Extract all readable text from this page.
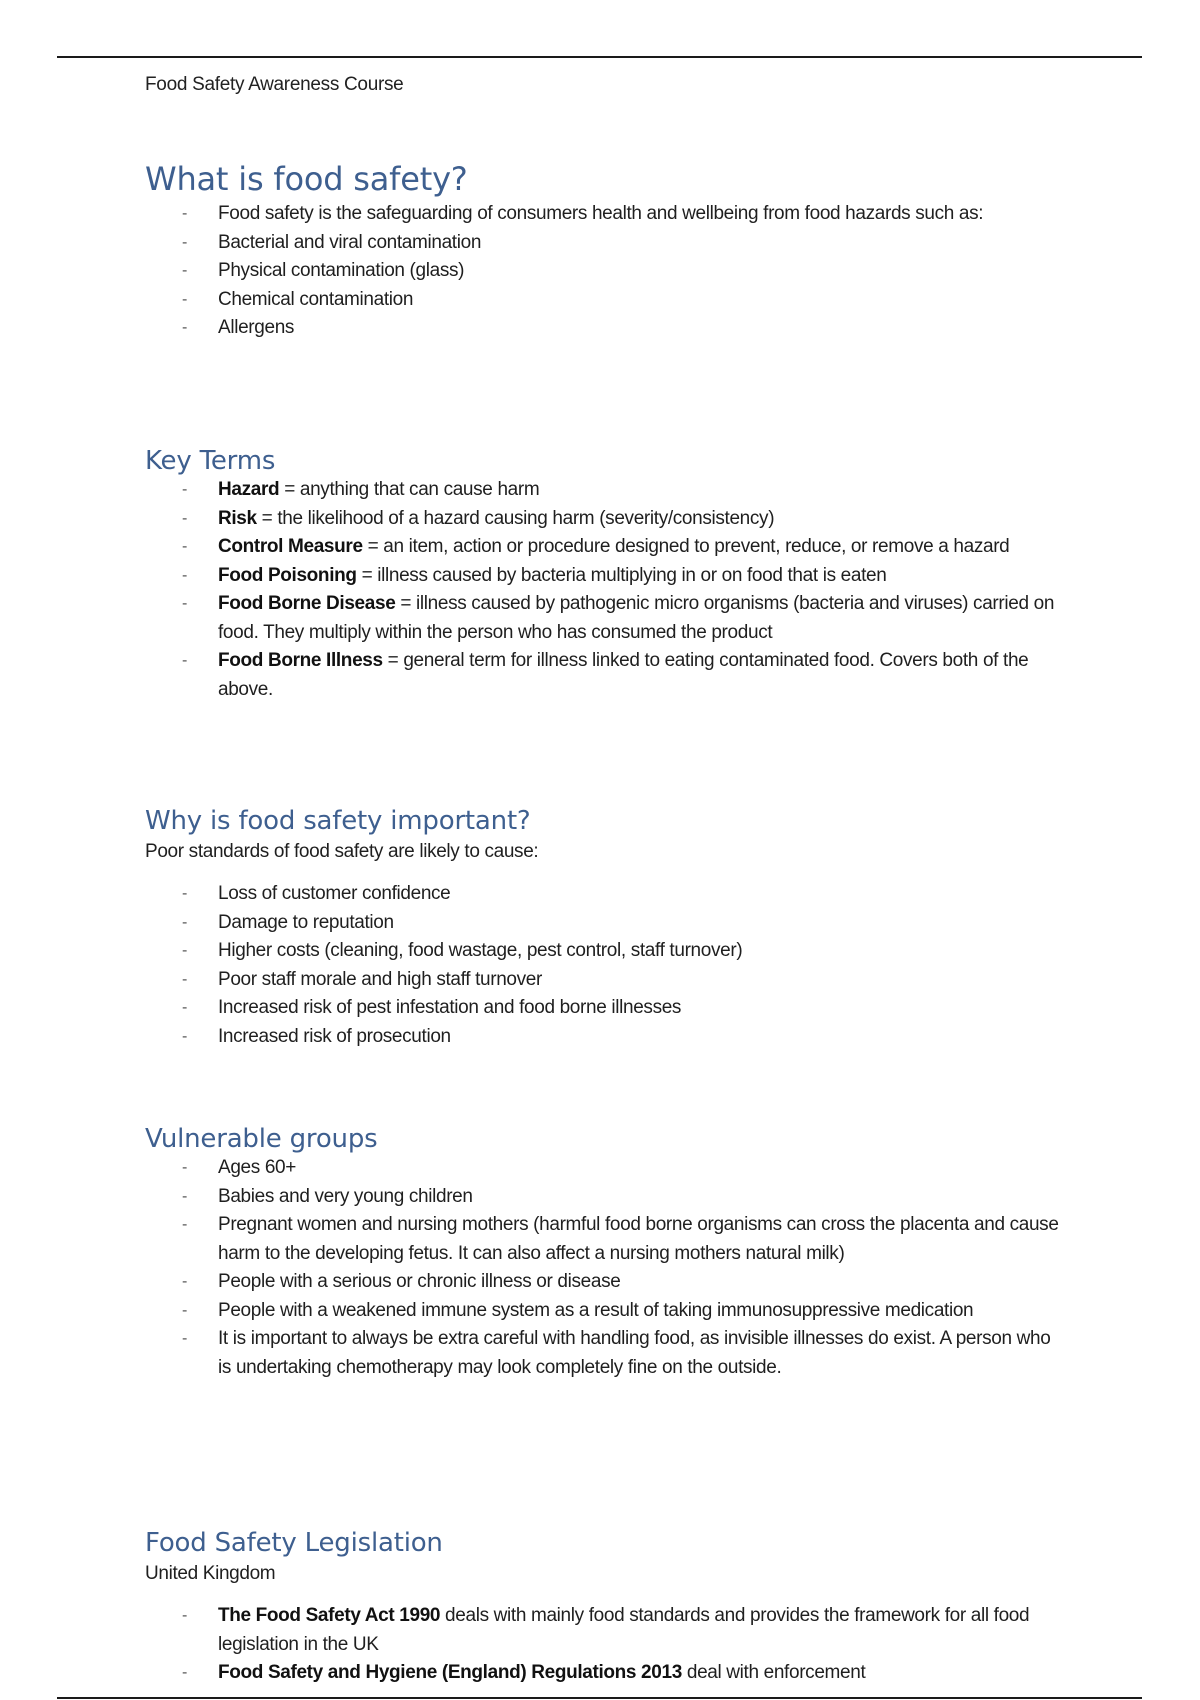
Food Safety Awareness Course
What is food safety?
- Food safety is the safeguarding of consumers health and wellbeing from food hazards such as:
- Bacterial and viral contamination
- Physical contamination (glass)
- Chemical contamination
- Allergens
Key Terms
- Hazard = anything that can cause harm
- Risk = the likelihood of a hazard causing harm (severity/consistency)
- Control Measure = an item, action or procedure designed to prevent, reduce, or remove a hazard
- Food Poisoning = illness caused by bacteria multiplying in or on food that is eaten
- Food Borne Disease = illness caused by pathogenic micro organisms (bacteria and viruses) carried on food. They multiply within the person who has consumed the product
- Food Borne Illness = general term for illness linked to eating contaminated food. Covers both of the above.
Why is food safety important?
Poor standards of food safety are likely to cause:
- Loss of customer confidence
- Damage to reputation
- Higher costs (cleaning, food wastage, pest control, staff turnover)
- Poor staff morale and high staff turnover
- Increased risk of pest infestation and food borne illnesses
- Increased risk of prosecution
Vulnerable groups
- Ages 60+
- Babies and very young children
- Pregnant women and nursing mothers (harmful food borne organisms can cross the placenta and cause harm to the developing fetus. It can also affect a nursing mothers natural milk)
- People with a serious or chronic illness or disease
- People with a weakened immune system as a result of taking immunosuppressive medication
- It is important to always be extra careful with handling food, as invisible illnesses do exist. A person who is undertaking chemotherapy may look completely fine on the outside.
Food Safety Legislation
United Kingdom
- The Food Safety Act 1990 deals with mainly food standards and provides the framework for all food legislation in the UK
- Food Safety and Hygiene (England) Regulations 2013 deal with enforcement
